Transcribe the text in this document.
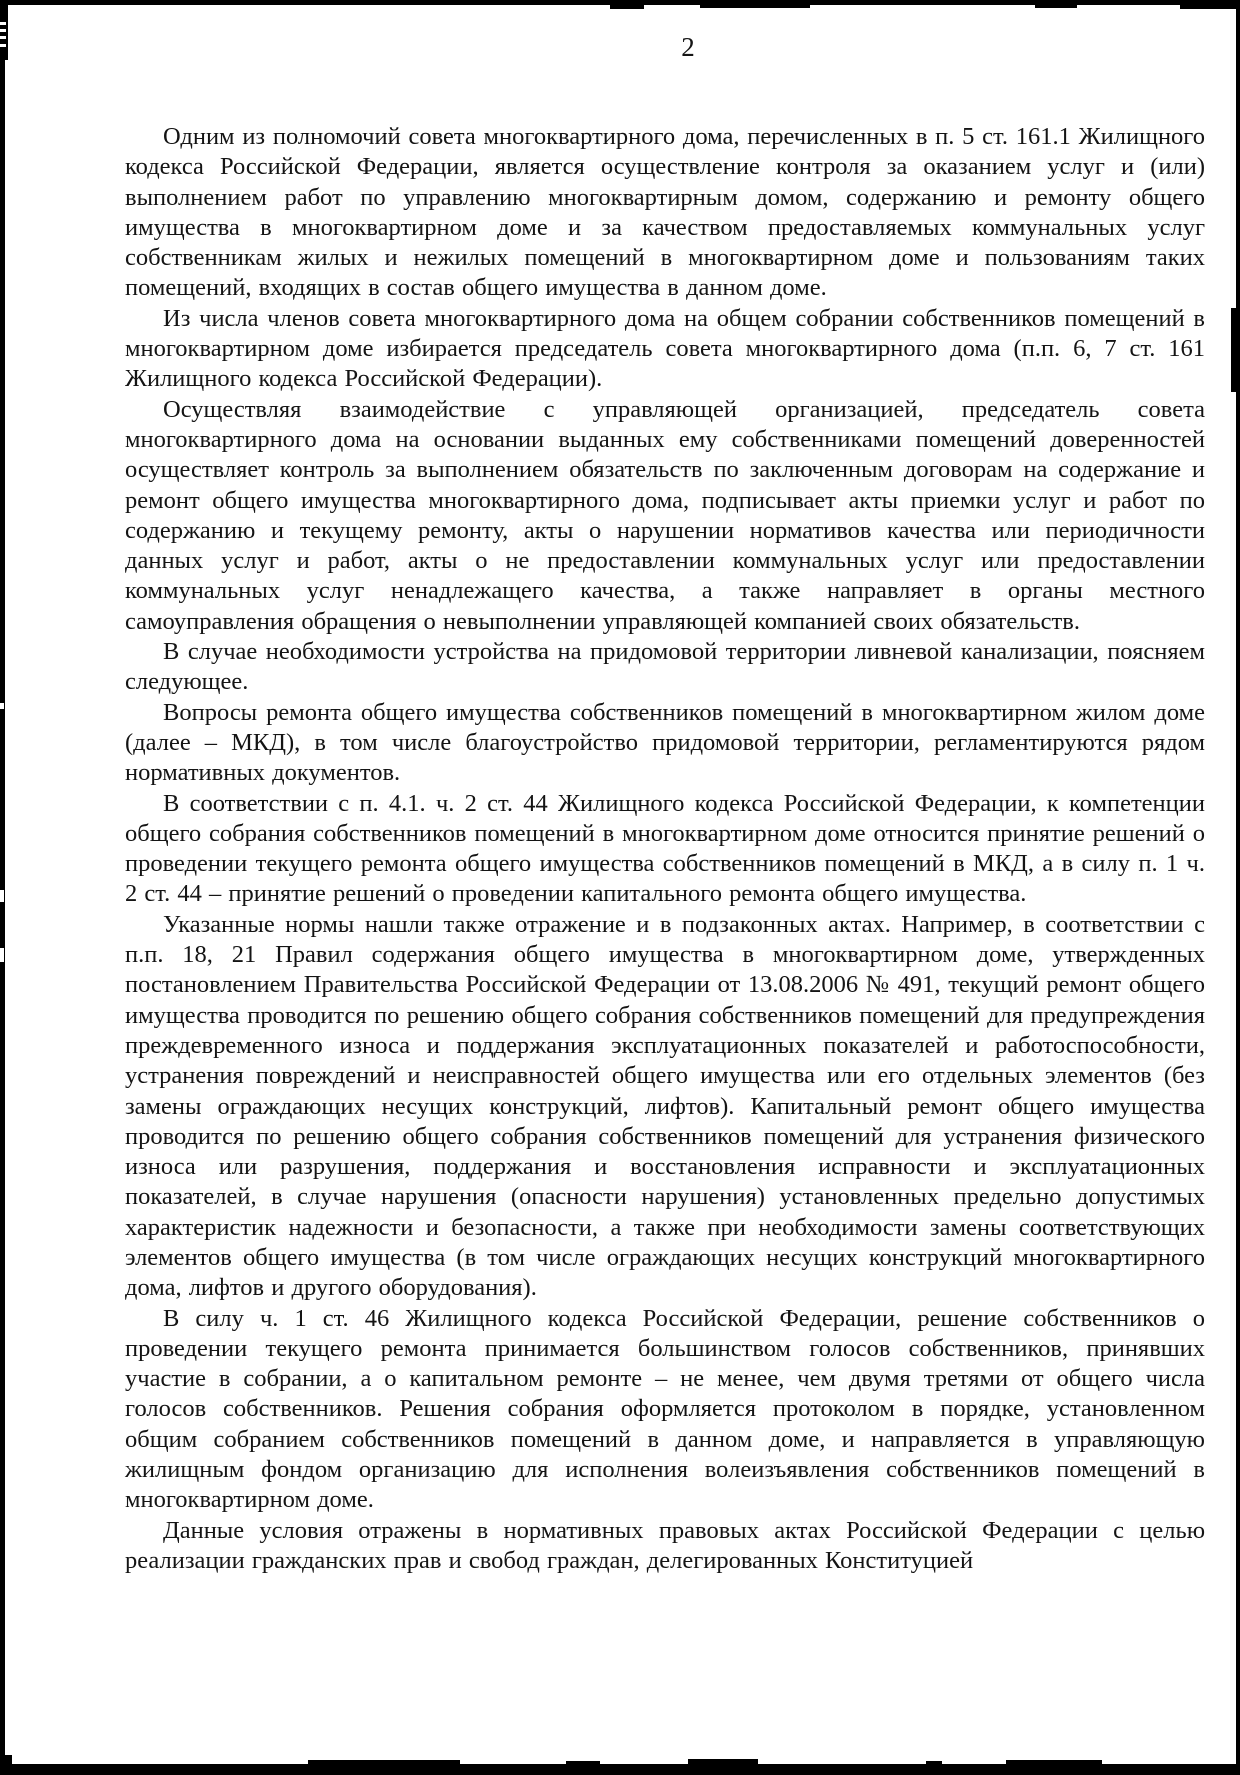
2

Одним из полномочий совета многоквартирного дома, перечисленных в п. 5 ст. 161.1 Жилищного кодекса Российской Федерации, является осуществление контроля за оказанием услуг и (или) выполнением работ по управлению многоквартирным домом, содержанию и ремонту общего имущества в многоквартирном доме и за качеством предоставляемых коммунальных услуг собственникам жилых и нежилых помещений в многоквартирном доме и пользованиям таких помещений, входящих в состав общего имущества в данном доме.

Из числа членов совета многоквартирного дома на общем собрании собственников помещений в многоквартирном доме избирается председатель совета многоквартирного дома (п.п. 6, 7 ст. 161 Жилищного кодекса Российской Федерации).

Осуществляя взаимодействие с управляющей организацией, председатель совета многоквартирного дома на основании выданных ему собственниками помещений доверенностей осуществляет контроль за выполнением обязательств по заключенным договорам на содержание и ремонт общего имущества многоквартирного дома, подписывает акты приемки услуг и работ по содержанию и текущему ремонту, акты о нарушении нормативов качества или периодичности данных услуг и работ, акты о не предоставлении коммунальных услуг или предоставлении коммунальных услуг ненадлежащего качества, а также направляет в органы местного самоуправления обращения о невыполнении управляющей компанией своих обязательств.

В случае необходимости устройства на придомовой территории ливневой канализации, поясняем следующее.

Вопросы ремонта общего имущества собственников помещений в многоквартирном жилом доме (далее – МКД), в том числе благоустройство придомовой территории, регламентируются рядом нормативных документов.

В соответствии с п. 4.1. ч. 2 ст. 44 Жилищного кодекса Российской Федерации, к компетенции общего собрания собственников помещений в многоквартирном доме относится принятие решений о проведении текущего ремонта общего имущества собственников помещений в МКД, а в силу п. 1 ч. 2 ст. 44 – принятие решений о проведении капитального ремонта общего имущества.

Указанные нормы нашли также отражение и в подзаконных актах. Например, в соответствии с п.п. 18, 21 Правил содержания общего имущества в многоквартирном доме, утвержденных постановлением Правительства Российской Федерации от 13.08.2006 № 491, текущий ремонт общего имущества проводится по решению общего собрания собственников помещений для предупреждения преждевременного износа и поддержания эксплуатационных показателей и работоспособности, устранения повреждений и неисправностей общего имущества или его отдельных элементов (без замены ограждающих несущих конструкций, лифтов). Капитальный ремонт общего имущества проводится по решению общего собрания собственников помещений для устранения физического износа или разрушения, поддержания и восстановления исправности и эксплуатационных показателей, в случае нарушения (опасности нарушения) установленных предельно допустимых характеристик надежности и безопасности, а также при необходимости замены соответствующих элементов общего имущества (в том числе ограждающих несущих конструкций многоквартирного дома, лифтов и другого оборудования).

В силу ч. 1 ст. 46 Жилищного кодекса Российской Федерации, решение собственников о проведении текущего ремонта принимается большинством голосов собственников, принявших участие в собрании, а о капитальном ремонте – не менее, чем двумя третями от общего числа голосов собственников. Решения собрания оформляется протоколом в порядке, установленном общим собранием собственников помещений в данном доме, и направляется в управляющую жилищным фондом организацию для исполнения волеизъявления собственников помещений в многоквартирном доме.

Данные условия отражены в нормативных правовых актах Российской Федерации с целью реализации гражданских прав и свобод граждан, делегированных Конституцией
